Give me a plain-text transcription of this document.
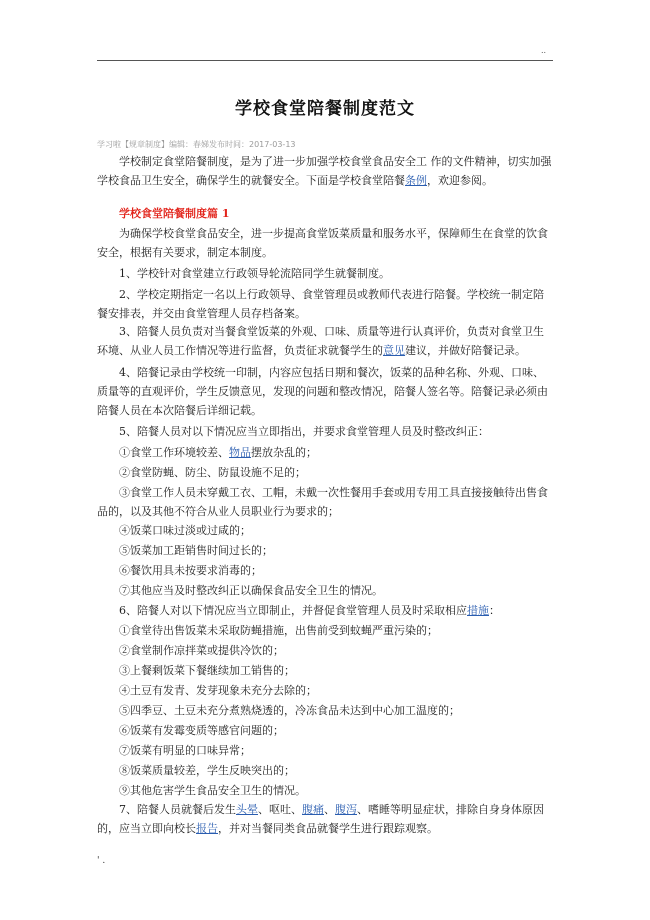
..
学校食堂陪餐制度范文
学习啦【规章制度】编辑：春娣发布时间：2017-03-13

学校制定食堂陪餐制度，是为了进一步加强学校食堂食品安全工 作的文件精神，切实加强学校食品卫生安全，确保学生的就餐安全。下面是学校食堂陪餐条例，欢迎参阅。

学校食堂陪餐制度篇 1

为确保学校食堂食品安全，进一步提高食堂饭菜质量和服务水平，保障师生在食堂的饮食安全，根据有关要求，制定本制度。

1、学校针对食堂建立行政领导轮流陪同学生就餐制度。

2、学校定期指定一名以上行政领导、食堂管理员或教师代表进行陪餐。学校统一制定陪餐安排表，并交由食堂管理人员存档备案。

3、陪餐人员负责对当餐食堂饭菜的外观、口味、质量等进行认真评价，负责对食堂卫生环境、从业人员工作情况等进行监督，负责征求就餐学生的意见建议，并做好陪餐记录。

4、陪餐记录由学校统一印制，内容应包括日期和餐次，饭菜的品种名称、外观、口味、质量等的直观评价，学生反馈意见，发现的问题和整改情况，陪餐人签名等。陪餐记录必须由陪餐人员在本次陪餐后详细记载。

5、陪餐人员对以下情况应当立即指出，并要求食堂管理人员及时整改纠正：

①食堂工作环境较差、物品摆放杂乱的；

②食堂防蝇、防尘、防鼠设施不足的；

③食堂工作人员未穿戴工衣、工帽，未戴一次性餐用手套或用专用工具直接接触待出售食品的，以及其他不符合从业人员职业行为要求的；

④饭菜口味过淡或过咸的；

⑤饭菜加工距销售时间过长的；

⑥餐饮用具未按要求消毒的；

⑦其他应当及时整改纠正以确保食品安全卫生的情况。

6、陪餐人对以下情况应当立即制止，并督促食堂管理人员及时采取相应措施：

①食堂待出售饭菜未采取防蝇措施，出售前受到蚊蝇严重污染的；

②食堂制作凉拌菜或提供冷饮的；

③上餐剩饭菜下餐继续加工销售的；

④土豆有发青、发芽现象未充分去除的；

⑤四季豆、土豆未充分煮熟烧透的，冷冻食品未达到中心加工温度的；

⑥饭菜有发霉变质等感官问题的；

⑦饭菜有明显的口味异常；

⑧饭菜质量较差，学生反映突出的；

⑨其他危害学生食品安全卫生的情况。

7、陪餐人员就餐后发生头晕、呕吐、腹痛、腹泻、嗜睡等明显症状，排除自身身体原因的，应当立即向校长报告，并对当餐同类食品就餐学生进行跟踪观察。

' .
